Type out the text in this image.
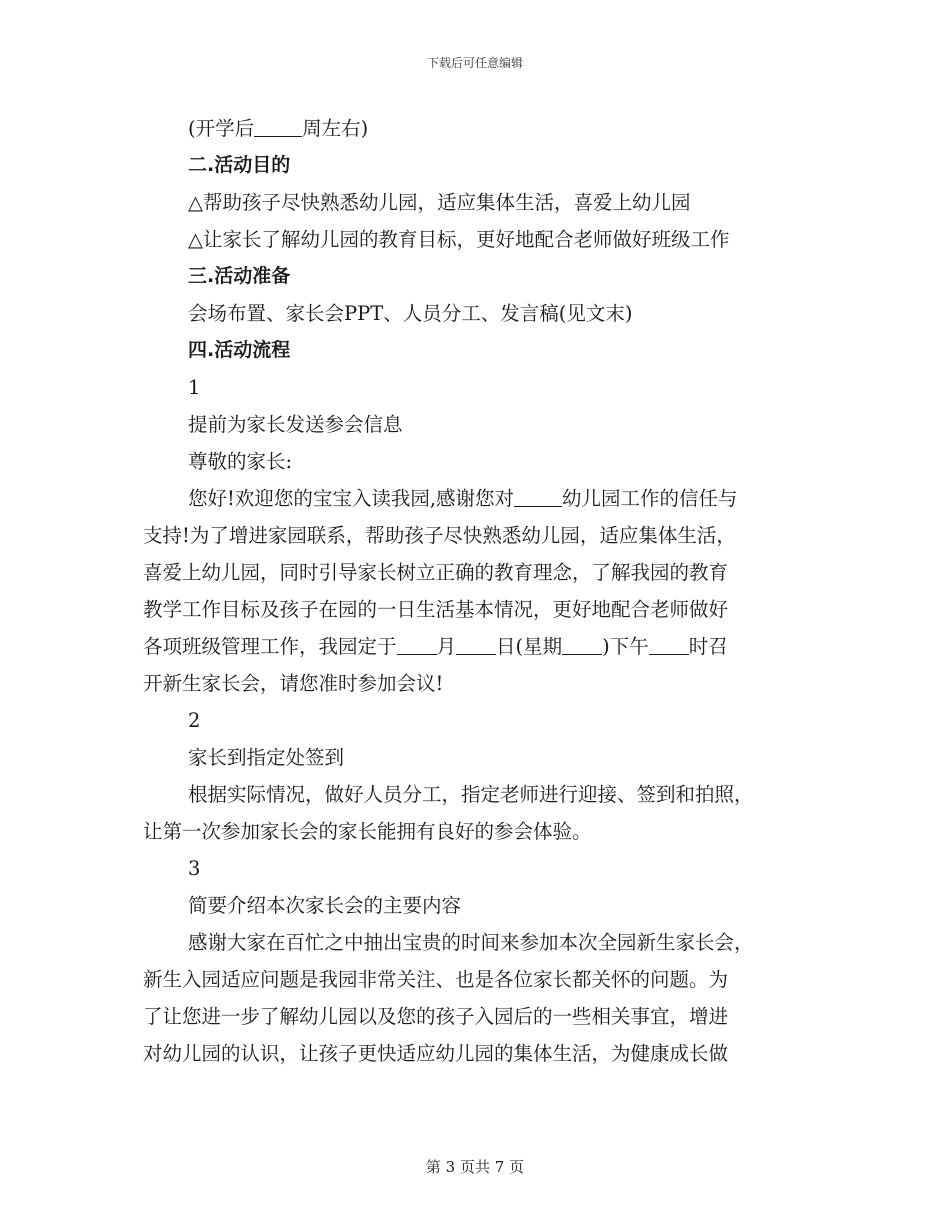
下载后可任意编辑
(开学后 周左右)
二.活动目的
△帮助孩子尽快熟悉幼儿园，适应集体生活，喜爱上幼儿园
△让家长了解幼儿园的教育目标，更好地配合老师做好班级工作
三.活动准备
会场布置、家长会PPT、人员分工、发言稿(见文末)
四.活动流程
1
提前为家长发送参会信息
尊敬的家长:
您好!欢迎您的宝宝入读我园,感谢您对 幼儿园工作的信任与
支持!为了增进家园联系，帮助孩子尽快熟悉幼儿园，适应集体生活，
喜爱上幼儿园，同时引导家长树立正确的教育理念，了解我园的教育
教学工作目标及孩子在园的一日生活基本情况，更好地配合老师做好
各项班级管理工作，我园定于 月 日(星期 )下午 时召
开新生家长会，请您准时参加会议!
2
家长到指定处签到
根据实际情况，做好人员分工，指定老师进行迎接、签到和拍照，
让第一次参加家长会的家长能拥有良好的参会体验。
3
简要介绍本次家长会的主要内容
感谢大家在百忙之中抽出宝贵的时间来参加本次全园新生家长会，
新生入园适应问题是我园非常关注、也是各位家长都关怀的问题。为
了让您进一步了解幼儿园以及您的孩子入园后的一些相关事宜，增进
对幼儿园的认识，让孩子更快适应幼儿园的集体生活，为健康成长做
第 3 页共 7 页
